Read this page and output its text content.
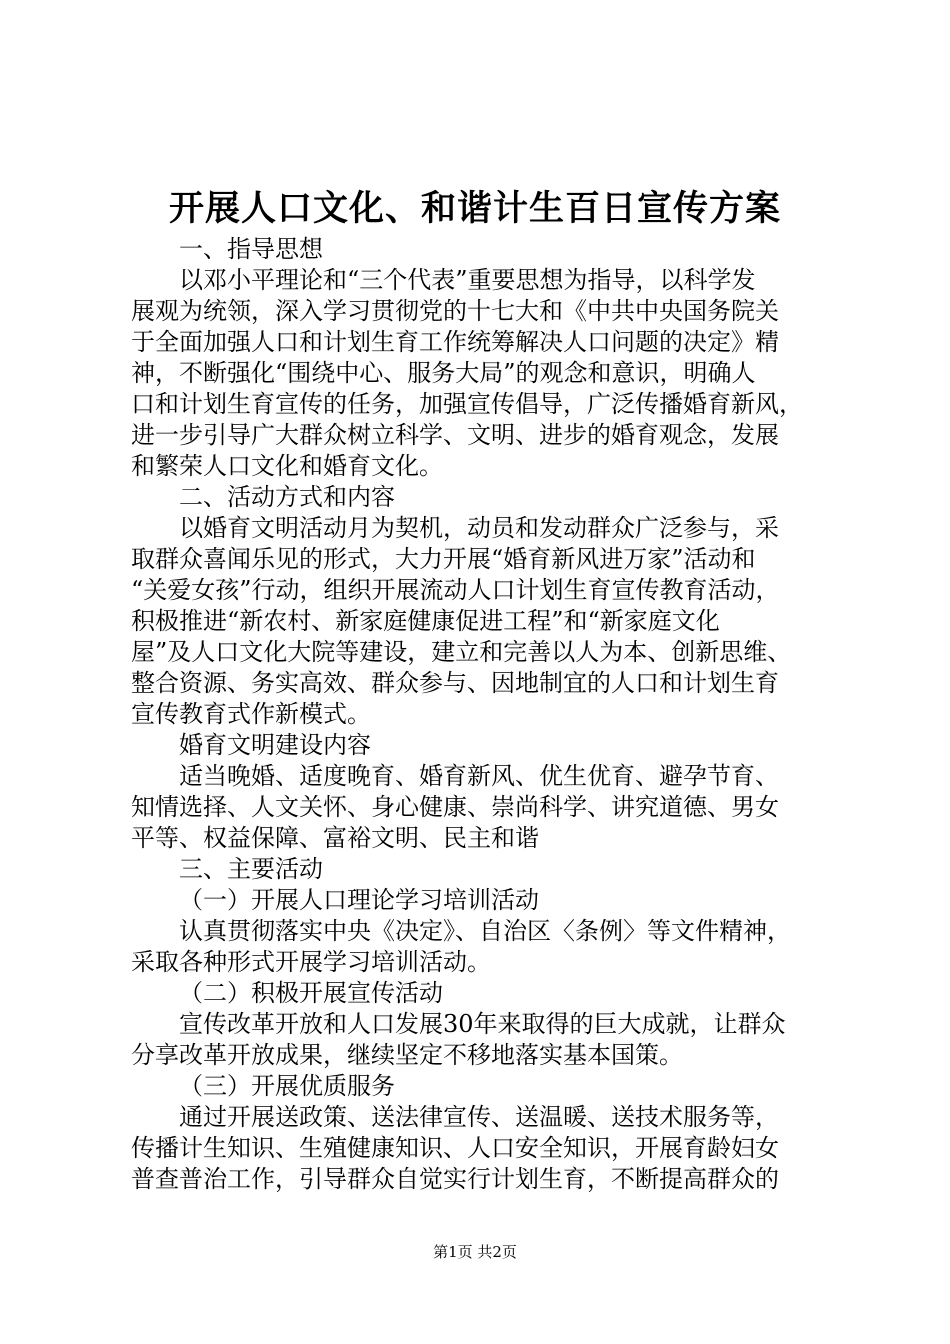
开展人口文化、和谐计生百日宣传方案
一、指导思想
以邓小平理论和“三个代表”重要思想为指导，以科学发
展观为统领，深入学习贯彻党的十七大和《中共中央国务院关
于全面加强人口和计划生育工作统筹解决人口问题的决定》精
神，不断强化“围绕中心、服务大局”的观念和意识，明确人
口和计划生育宣传的任务，加强宣传倡导，广泛传播婚育新风，
进一步引导广大群众树立科学、文明、进步的婚育观念，发展
和繁荣人口文化和婚育文化。
二、活动方式和内容
以婚育文明活动月为契机，动员和发动群众广泛参与，采
取群众喜闻乐见的形式，大力开展“婚育新风进万家”活动和
“关爱女孩”行动，组织开展流动人口计划生育宣传教育活动，
积极推进“新农村、新家庭健康促进工程”和“新家庭文化
屋”及人口文化大院等建设，建立和完善以人为本、创新思维、
整合资源、务实高效、群众参与、因地制宜的人口和计划生育
宣传教育式作新模式。
婚育文明建设内容
适当晚婚、适度晚育、婚育新风、优生优育、避孕节育、
知情选择、人文关怀、身心健康、崇尚科学、讲究道德、男女
平等、权益保障、富裕文明、民主和谐
三、主要活动
（一）开展人口理论学习培训活动
认真贯彻落实中央《决定》、自治区〈条例〉等文件精神，
采取各种形式开展学习培训活动。
（二）积极开展宣传活动
宣传改革开放和人口发展30年来取得的巨大成就，让群众
分享改革开放成果，继续坚定不移地落实基本国策。
（三）开展优质服务
通过开展送政策、送法律宣传、送温暖、送技术服务等，
传播计生知识、生殖健康知识、人口安全知识，开展育龄妇女
普查普治工作，引导群众自觉实行计划生育，不断提高群众的
第1页 共2页
